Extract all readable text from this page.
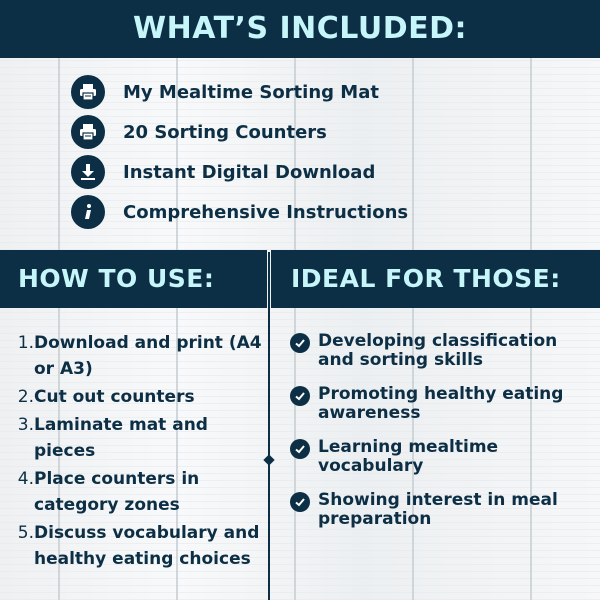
WHAT’S INCLUDED:
My Mealtime Sorting Mat
20 Sorting Counters
Instant Digital Download
Comprehensive Instructions
HOW TO USE:	IDEAL FOR THOSE:
1. Download and print (A4 or A3)
2. Cut out counters
3. Laminate mat and pieces
4. Place counters in category zones
5. Discuss vocabulary and healthy eating choices
Developing classification and sorting skills
Promoting healthy eating awareness
Learning mealtime vocabulary
Showing interest in meal preparation
